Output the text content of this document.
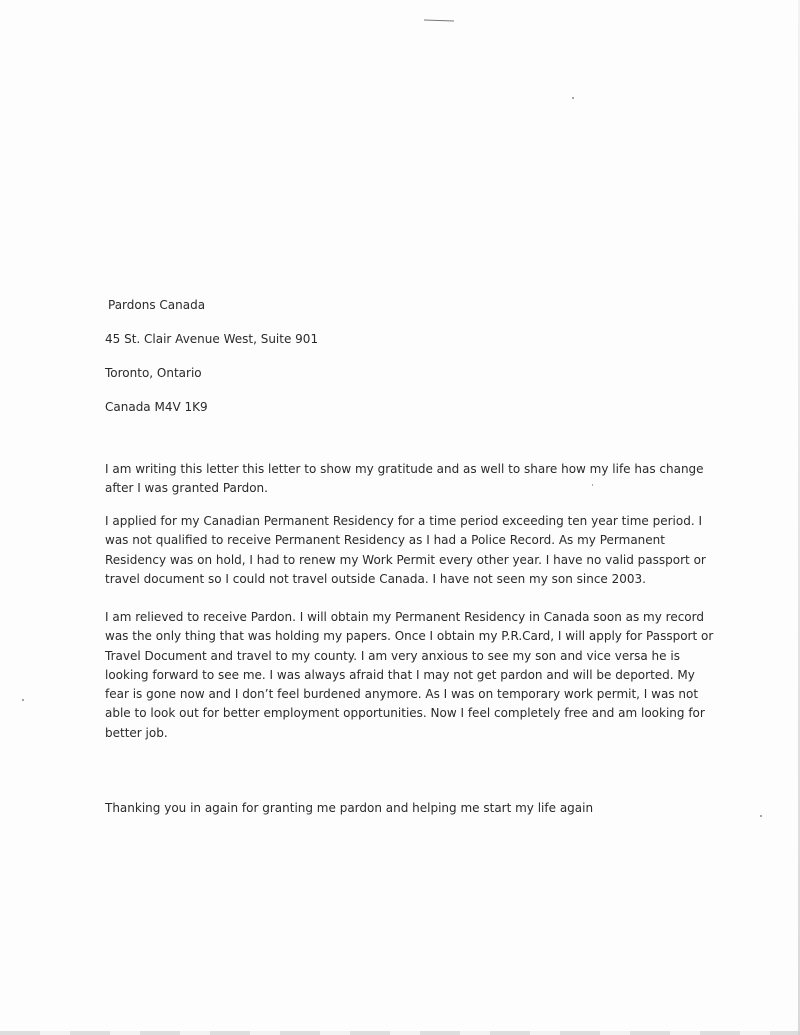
Pardons Canada
45 St. Clair Avenue West, Suite 901
Toronto, Ontario
Canada M4V 1K9

I am writing this letter this letter to show my gratitude and as well to share how my life has change
after I was granted Pardon.

I applied for my Canadian Permanent Residency for a time period exceeding ten year time period. I
was not qualified to receive Permanent Residency as I had a Police Record. As my Permanent
Residency was on hold, I had to renew my Work Permit every other year. I have no valid passport or
travel document so I could not travel outside Canada. I have not seen my son since 2003.

I am relieved to receive Pardon. I will obtain my Permanent Residency in Canada soon as my record
was the only thing that was holding my papers. Once I obtain my P.R.Card, I will apply for Passport or
Travel Document and travel to my county. I am very anxious to see my son and vice versa he is
looking forward to see me. I was always afraid that I may not get pardon and will be deported. My
fear is gone now and I don’t feel burdened anymore. As I was on temporary work permit, I was not
able to look out for better employment opportunities. Now I feel completely free and am looking for
better job.

Thanking you in again for granting me pardon and helping me start my life again
